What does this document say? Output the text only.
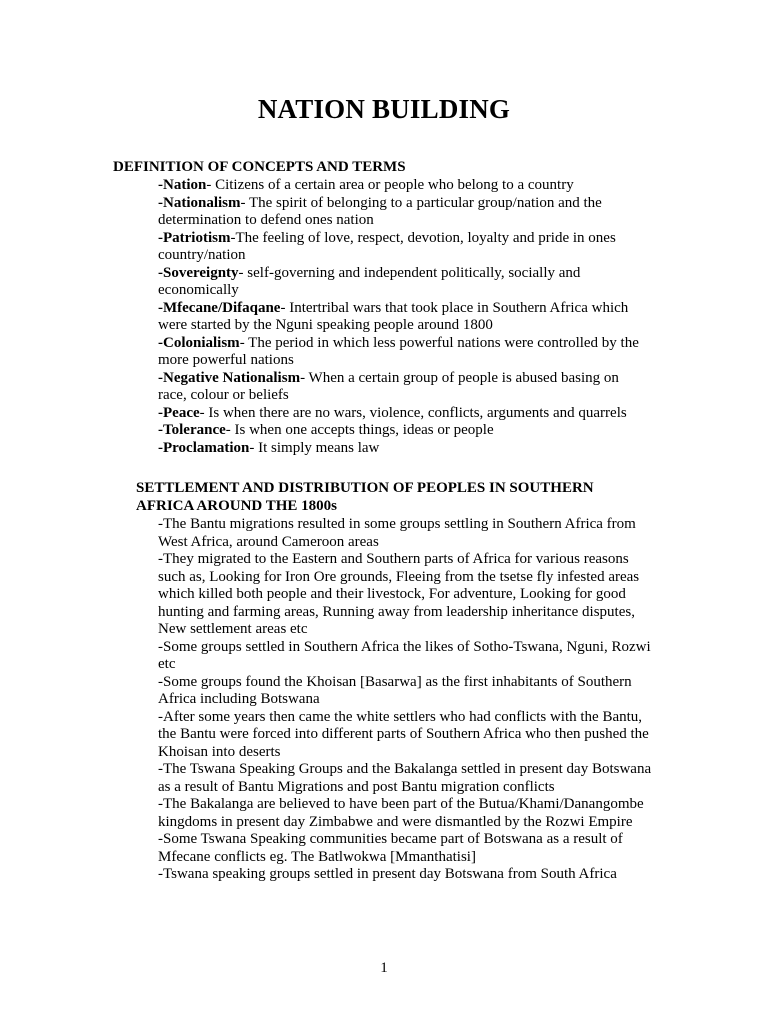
NATION BUILDING
DEFINITION OF CONCEPTS AND TERMS

-Nation- Citizens of a certain area or people who belong to a country

-Nationalism- The spirit of belonging to a particular group/nation and the determination to defend ones nation

-Patriotism-The feeling of love, respect, devotion, loyalty and pride in ones country/nation

-Sovereignty- self-governing and independent politically, socially and economically

-Mfecane/Difaqane- Intertribal wars that took place in Southern Africa which were started by the Nguni speaking people around 1800

-Colonialism- The period in which less powerful nations were controlled by the more powerful nations

-Negative Nationalism- When a certain group of people is abused basing on race, colour or beliefs

-Peace- Is when there are no wars, violence, conflicts, arguments and quarrels

-Tolerance- Is when one accepts things, ideas or people

-Proclamation- It simply means law

SETTLEMENT AND DISTRIBUTION OF PEOPLES IN SOUTHERN
AFRICA AROUND THE 1800s

-The Bantu migrations resulted in some groups settling in Southern Africa from West Africa, around Cameroon areas

-They migrated to the Eastern and Southern parts of Africa for various reasons such as, Looking for Iron Ore grounds, Fleeing from the tsetse fly infested areas which killed both people and their livestock, For adventure, Looking for good hunting and farming areas, Running away from leadership inheritance disputes, New settlement areas etc

-Some groups settled in Southern Africa the likes of Sotho-Tswana, Nguni, Rozwi etc

-Some groups found the Khoisan [Basarwa] as the first inhabitants of Southern Africa including Botswana

-After some years then came the white settlers who had conflicts with the Bantu, the Bantu were forced into different parts of Southern Africa who then pushed the Khoisan into deserts

-The Tswana Speaking Groups and the Bakalanga settled in present day Botswana as a result of Bantu Migrations and post Bantu migration conflicts

-The Bakalanga are believed to have been part of the Butua/Khami/Danangombe kingdoms in present day Zimbabwe and were dismantled by the Rozwi Empire

-Some Tswana Speaking communities became part of Botswana as a result of Mfecane conflicts eg. The Batlwokwa [Mmanthatisi]

-Tswana speaking groups settled in present day Botswana from South Africa

1
